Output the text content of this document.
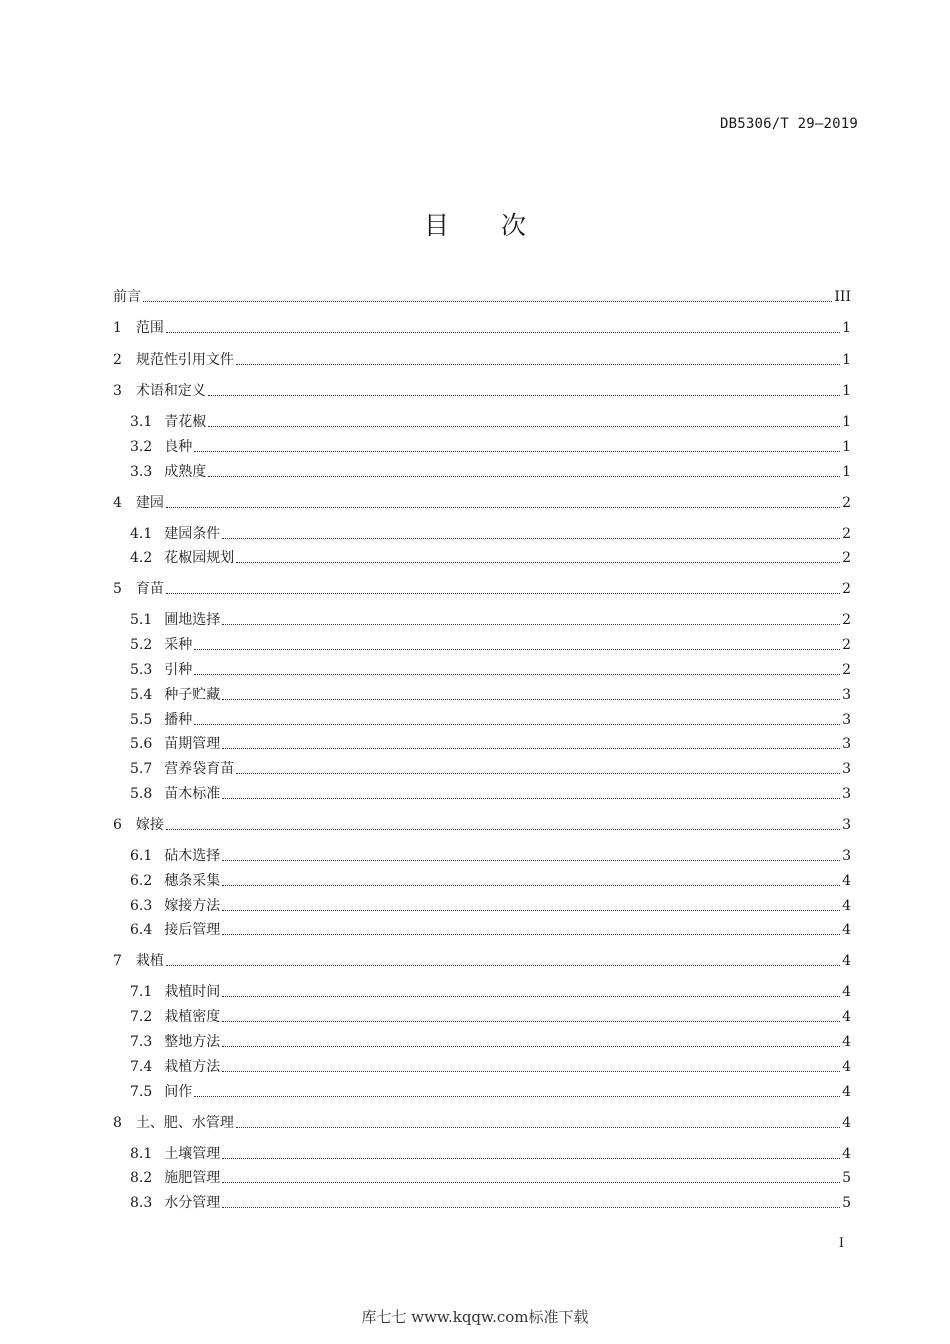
DB5306/T 29—2019
目 次
前言	III
1 范围	1
2 规范性引用文件	1
3 术语和定义	1
3.1 青花椒	1
3.2 良种	1
3.3 成熟度	1
4 建园	2
4.1 建园条件	2
4.2 花椒园规划	2
5 育苗	2
5.1 圃地选择	2
5.2 采种	2
5.3 引种	2
5.4 种子贮藏	3
5.5 播种	3
5.6 苗期管理	3
5.7 营养袋育苗	3
5.8 苗木标准	3
6 嫁接	3
6.1 砧木选择	3
6.2 穗条采集	4
6.3 嫁接方法	4
6.4 接后管理	4
7 栽植	4
7.1 栽植时间	4
7.2 栽植密度	4
7.3 整地方法	4
7.4 栽植方法	4
7.5 间作	4
8 土、肥、水管理	4
8.1 土壤管理	4
8.2 施肥管理	5
8.3 水分管理	5
I
库七七 www.kqqw.com标准下载
